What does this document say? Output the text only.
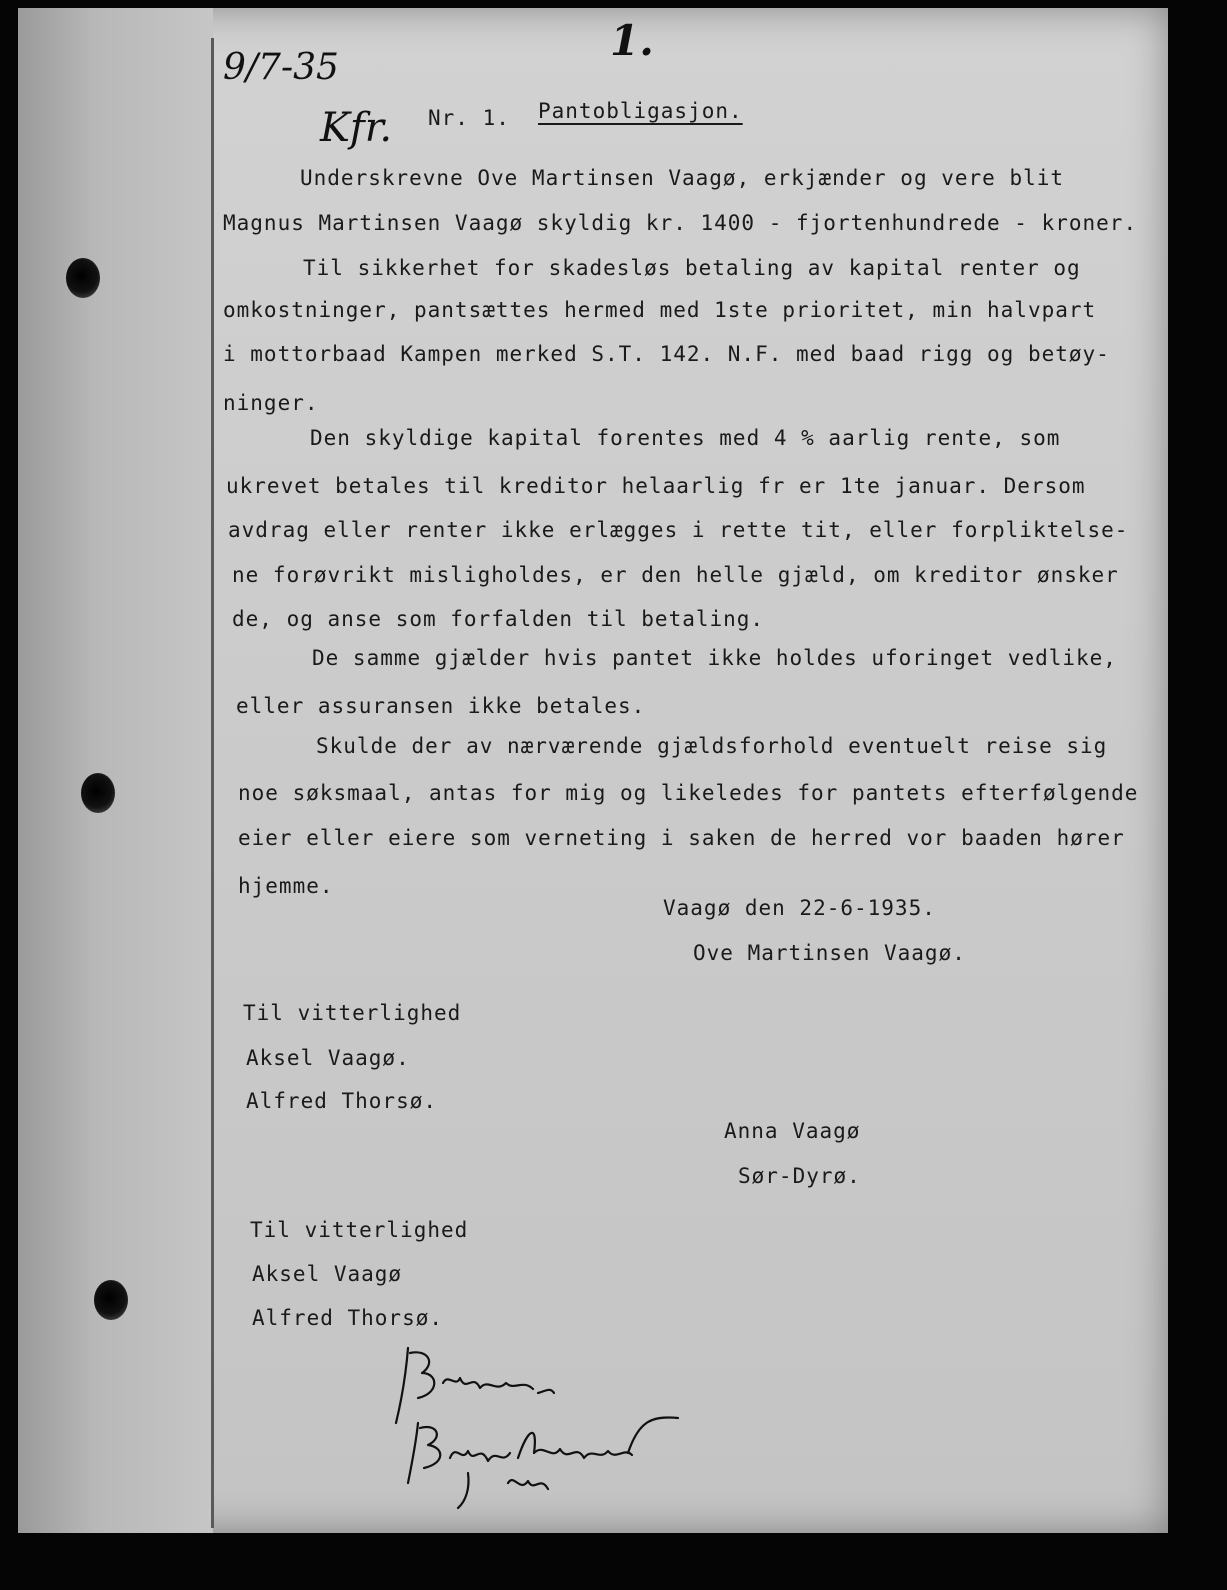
1.
9/7-35
Kfr. Nr. 1. Pantobligasjon.
Underskrevne Ove Martinsen Vaagø, erkjænder og vere blit
Magnus Martinsen Vaagø skyldig kr. 1400 - fjortenhundrede - kroner.
Til sikkerhet for skadesløs betaling av kapital renter og
omkostninger, pantsættes hermed med 1ste prioritet, min halvpart
i mottorbaad Kampen merked S.T. 142. N.F. med baad rigg og betøy-
ninger.
Den skyldige kapital forentes med 4 % aarlig rente, som
ukrevet betales til kreditor helaarlig fr er 1te januar. Dersom
avdrag eller renter ikke erlægges i rette tit, eller forpliktelse-
ne forøvrikt misligholdes, er den helle gjæld, om kreditor ønsker
de, og anse som forfalden til betaling.
De samme gjælder hvis pantet ikke holdes uforinget vedlike,
eller assuransen ikke betales.
Skulde der av nærværende gjældsforhold eventuelt reise sig
noe søksmaal, antas for mig og likeledes for pantets efterfølgende
eier eller eiere som verneting i saken de herred vor baaden hører
hjemme.
Vaagø den 22-6-1935.
Ove Martinsen Vaagø.
Til vitterlighed
Aksel Vaagø.
Alfred Thorsø.
Anna Vaagø
Sør-Dyrø.
Til vitterlighed
Aksel Vaagø
Alfred Thorsø.
